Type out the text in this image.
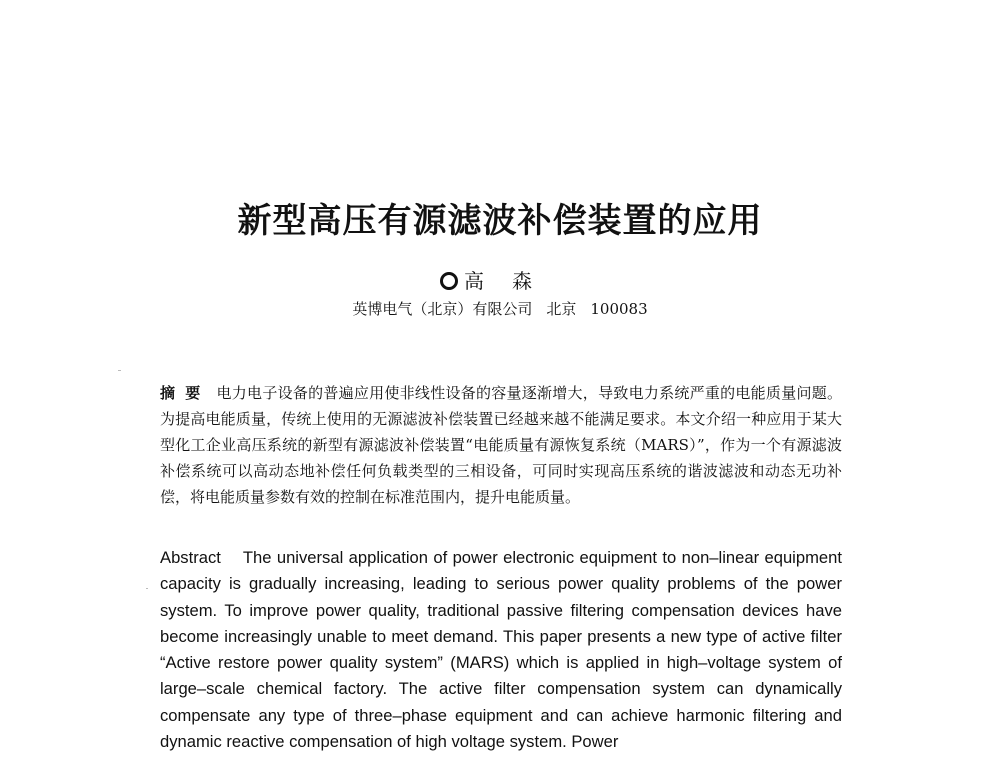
新型高压有源滤波补偿装置的应用
高森
英博电气（北京）有限公司 北京 100083
摘要 电力电子设备的普遍应用使非线性设备的容量逐渐增大，导致电力系统严重的电能质量问题。为提高电能质量，传统上使用的无源滤波补偿装置已经越来越不能满足要求。本文介绍一种应用于某大型化工企业高压系统的新型有源滤波补偿装置“电能质量有源恢复系统（MARS）”，作为一个有源滤波补偿系统可以高动态地补偿任何负载类型的三相设备，可同时实现高压系统的谐波滤波和动态无功补偿，将电能质量参数有效的控制在标准范围内，提升电能质量。
Abstract The universal application of power electronic equipment to non–linear equipment capacity is gradually increasing, leading to serious power quality problems of the power system. To improve power quality, traditional passive filtering compensation devices have become increasingly unable to meet demand. This paper presents a new type of active filter “Active restore power quality system” (MARS) which is applied in high–voltage system of large–scale chemical factory. The active filter compensation system can dynamically compensate any type of three–phase equipment and can achieve harmonic filtering and dynamic reactive compensation of high voltage system. Power
